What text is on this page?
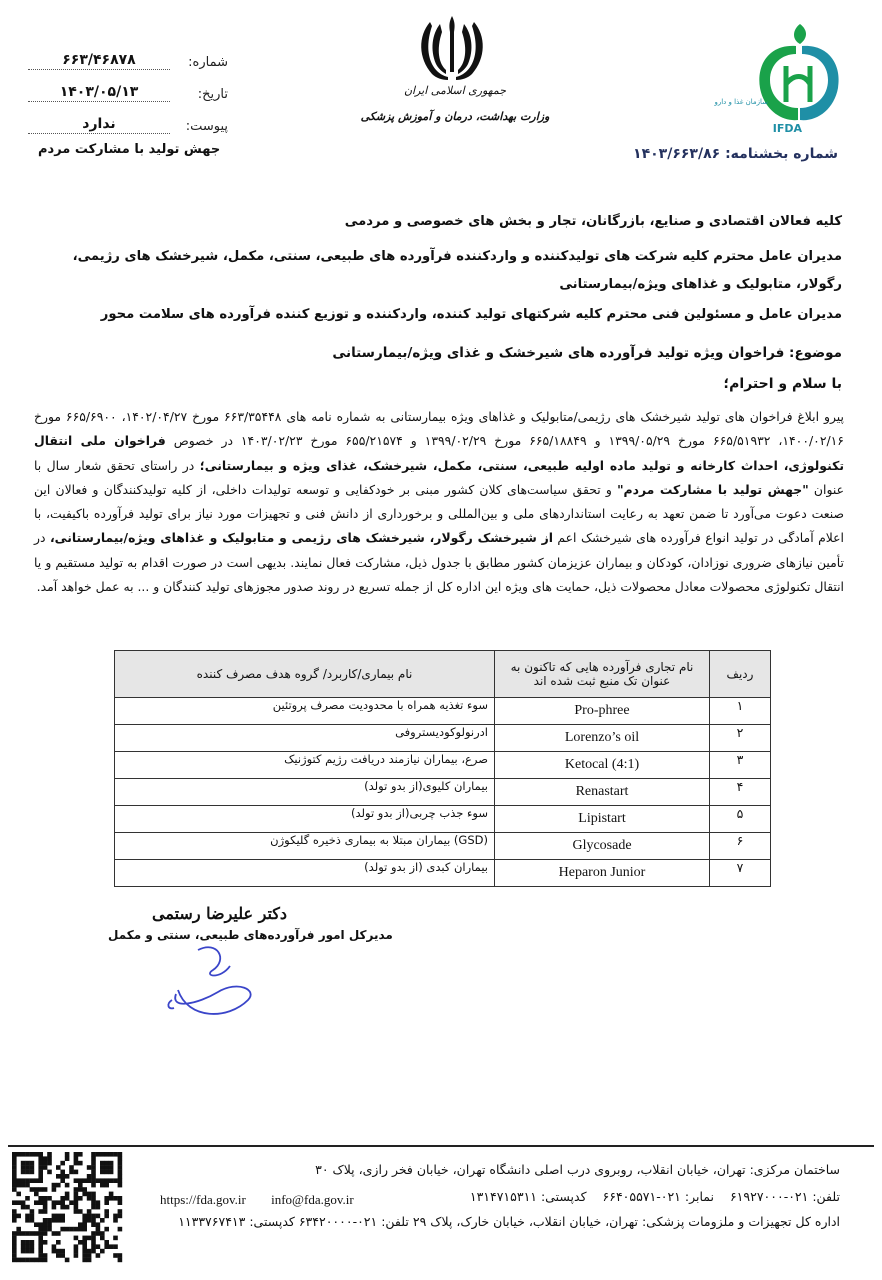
شماره:
۶۶۳/۴۶۸۷۸
تاریخ:
۱۴۰۳/۰۵/۱۳
پیوست:
ندارد
جهش تولید با مشارکت مردم
جمهوری اسلامی ایران
وزارت بهداشت، درمان و آموزش پزشکی
سازمان غذا و دارو
IFDA
شماره بخشنامه: ۱۴۰۳/۶۶۳/۸۶
کلیه فعالان اقتصادی و صنایع، بازرگانان، تجار و بخش های خصوصی و مردمی
مدیران عامل محترم کلیه شرکت های تولیدکننده و واردکننده فرآورده های طبیعی، سنتی، مکمل، شیرخشک های رژیمی، رگولار، متابولیک و غذاهای ویژه/بیمارستانی
مدیران عامل و مسئولین فنی محترم کلیه شرکتهای تولید کننده، واردکننده و توزیع کننده فرآورده های سلامت محور
موضوع: فراخوان ویژه تولید فرآورده های شیرخشک و غذای ویژه/بیمارستانی
با سلام و احترام؛
پیرو ابلاغ فراخوان های تولید شیرخشک های رژیمی/متابولیک و غذاهای ویژه بیمارستانی به شماره نامه های ۶۶۳/۳۵۴۴۸ مورخ ۱۴۰۲/۰۴/۲۷، ۶۶۵/۶۹۰۰ مورخ ۱۴۰۰/۰۲/۱۶، ۶۶۵/۵۱۹۳۲ مورخ ۱۳۹۹/۰۵/۲۹ و ۶۶۵/۱۸۸۴۹ مورخ ۱۳۹۹/۰۲/۲۹ و ۶۵۵/۲۱۵۷۴ مورخ ۱۴۰۳/۰۲/۲۳ در خصوص فراخوان ملی انتقال تکنولوژی، احداث کارخانه و تولید ماده اولیه طبیعی، سنتی، مکمل، شیرخشک، غذای ویژه و بیمارستانی؛ در راستای تحقق شعار سال با عنوان "جهش تولید با مشارکت مردم" و تحقق سیاست‌های کلان کشور مبنی بر خودکفایی و توسعه تولیدات داخلی، از کلیه تولیدکنندگان و فعالان این صنعت دعوت می‌آورد تا ضمن تعهد به رعایت استانداردهای ملی و بین‌المللی و برخورداری از دانش فنی و تجهیزات مورد نیاز برای تولید فرآورده باکیفیت، با اعلام آمادگی در تولید انواع فرآورده های شیرخشک اعم از شیرخشک رگولار، شیرخشک های رژیمی و متابولیک و غذاهای ویژه/بیمارستانی، در تأمین نیازهای ضروری نوزادان، کودکان و بیماران عزیزمان کشور مطابق با جدول ذیل، مشارکت فعال نمایند. بدیهی است در صورت اقدام به تولید مستقیم و یا انتقال تکنولوژی محصولات معادل محصولات ذیل، حمایت های ویژه این اداره کل از جمله تسریع در روند صدور مجوزهای تولید کنندگان و ... به عمل خواهد آمد.
ردیف	نام تجاری فرآورده هایی که تاکنون به عنوان تک منبع ثبت شده اند	نام بیماری/کاربرد/ گروه هدف مصرف کننده
۱	Pro-phree	سوء تغذیه همراه با محدودیت مصرف پروتئین
۲	Lorenzo’s oil	ادرنولوکودیستروفی
۳	Ketocal (4:1)	صرع، بیماران نیازمند دریافت رژیم کتوژنیک
۴	Renastart	بیماران کلیوی(از بدو تولد)
۵	Lipistart	سوء جذب چربی(از بدو تولد)
۶	Glycosade	(GSD) بیماران مبتلا به بیماری ذخیره گلیکوژن
۷	Heparon Junior	بیماران کبدی (از بدو تولد)
دکتر علیرضا رستمی
مدیرکل امور فرآورده‌های طبیعی، سنتی و مکمل
ساختمان مرکزی: تهران، خیابان انقلاب، روبروی درب اصلی دانشگاه تهران، خیابان فخر رازی، پلاک ۳۰
تلفن: ۰۲۱-۶۱۹۲۷۰۰۰ نمابر: ۰۲۱-۶۶۴۰۵۵۷۱ کدپستی: ۱۳۱۴۷۱۵۳۱۱
https://fda.gov.ir info@fda.gov.ir
اداره کل تجهیزات و ملزومات پزشکی: تهران، خیابان انقلاب، خیابان خارک، پلاک ۲۹ تلفن: ۰۲۱-۶۳۴۲۰۰۰۰ کدپستی: ۱۱۳۳۷۶۷۴۱۳
